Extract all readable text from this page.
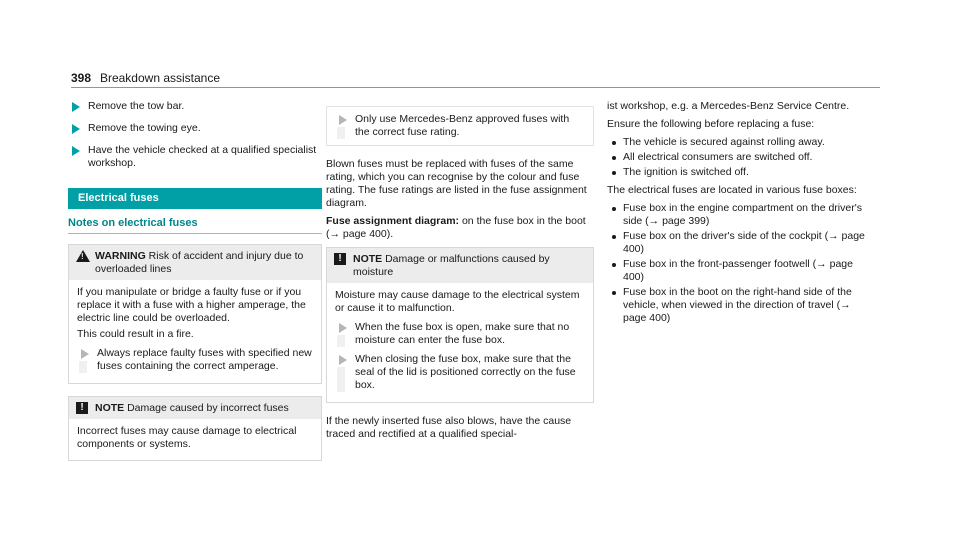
398 Breakdown assistance
Remove the tow bar.
Remove the towing eye.
Have the vehicle checked at a qualified specialist workshop.
Electrical fuses
Notes on electrical fuses
!
WARNING Risk of accident and injury due to overloaded lines

If you manipulate or bridge a faulty fuse or if you replace it with a fuse with a higher amperage, the electric line could be overloaded.

This could result in a fire.

Always replace faulty fuses with specified new fuses containing the correct amperage.
!	NOTE Damage caused by incorrect fuses

Incorrect fuses may cause damage to electrical components or systems.

Only use Mercedes-Benz approved fuses with the correct fuse rating.

Blown fuses must be replaced with fuses of the same rating, which you can recognise by the colour and fuse rating. The fuse ratings are listed in the fuse assignment diagram.

Fuse assignment diagram: on the fuse box in the boot (→ page 400).

!	NOTE Damage or malfunctions caused by moisture

Moisture may cause damage to the electrical system or cause it to malfunction.

When the fuse box is open, make sure that no moisture can enter the fuse box.
When closing the fuse box, make sure that the seal of the lid is positioned correctly on the fuse box.

If the newly inserted fuse also blows, have the cause traced and rectified at a qualified special-

ist workshop, e.g. a Mercedes-Benz Service Centre.

Ensure the following before replacing a fuse:

The vehicle is secured against rolling away.
All electrical consumers are switched off.
The ignition is switched off.

The electrical fuses are located in various fuse boxes:

Fuse box in the engine compartment on the driver's side (→ page 399)
Fuse box on the driver's side of the cockpit (→ page 400)
Fuse box in the front-passenger footwell (→ page 400)
Fuse box in the boot on the right-hand side of the vehicle, when viewed in the direction of travel (→ page 400)
